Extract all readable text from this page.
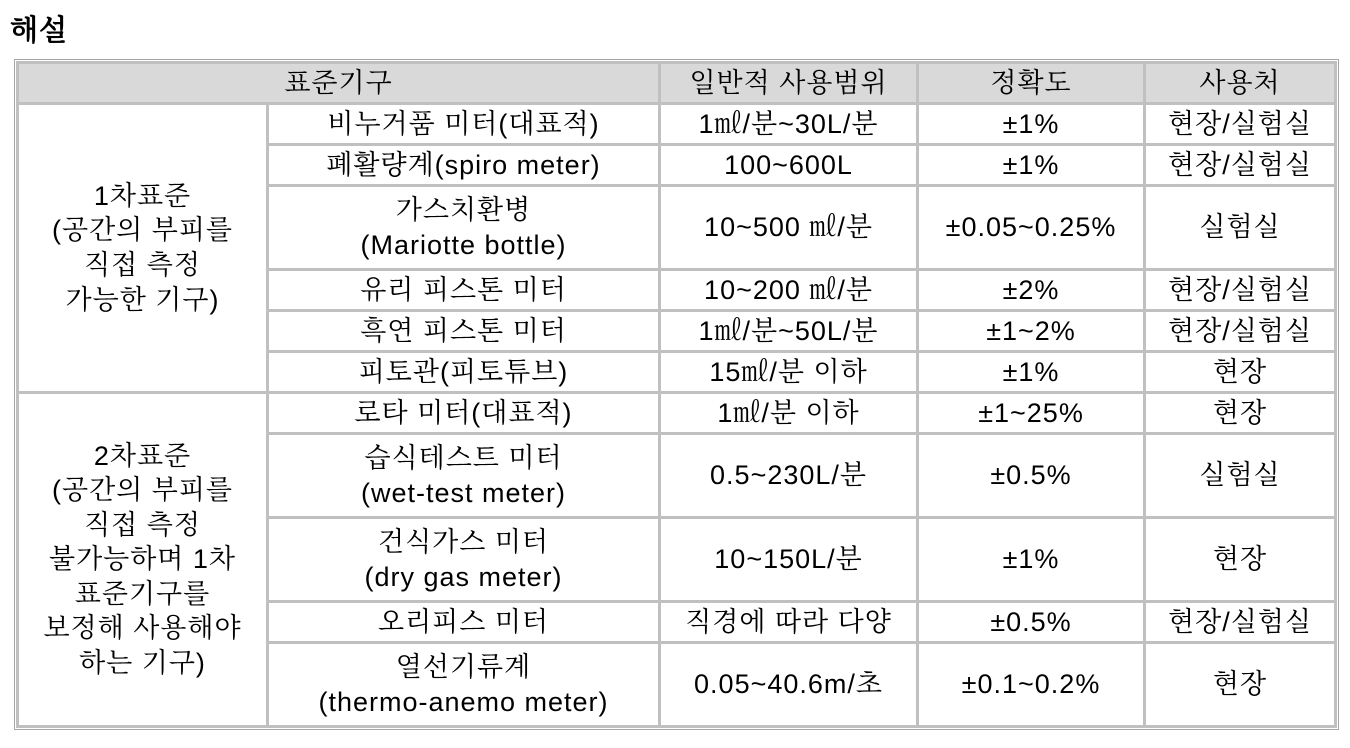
해설
표준기구		일반적 사용범위	정확도	사용처
1차표준
(공간의 부피를
직접 측정
가능한 기구)	비누거품 미터(대표적)	1㎖/분~30L/분	±1%	현장/실험실
	폐활량계(spiro meter)	100~600L	±1%	현장/실험실
	가스치환병
(Mariotte bottle)	10~500 ㎖/분	±0.05~0.25%	실험실
	유리 피스톤 미터	10~200 ㎖/분	±2%	현장/실험실
	흑연 피스톤 미터	1㎖/분~50L/분	±1~2%	현장/실험실
	피토관(피토튜브)	15㎖/분 이하	±1%	현장
2차표준
(공간의 부피를
직접 측정
불가능하며 1차
표준기구를
보정해 사용해야
하는 기구)	로타 미터(대표적)	1㎖/분 이하	±1~25%	현장
	습식테스트 미터
(wet-test meter)	0.5~230L/분	±0.5%	실험실
	건식가스 미터
(dry gas meter)	10~150L/분	±1%	현장
	오리피스 미터	직경에 따라 다양	±0.5%	현장/실험실
	열선기류계
(thermo-anemo meter)	0.05~40.6m/초	±0.1~0.2%	현장
